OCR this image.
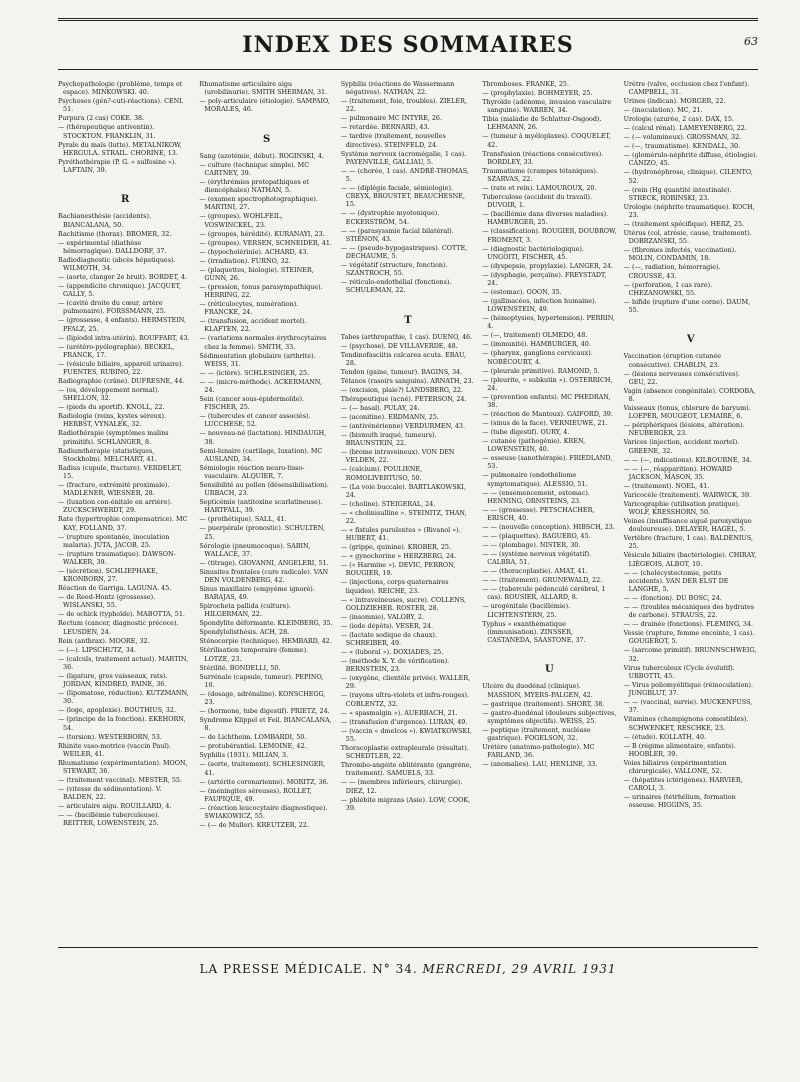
INDEX DES SOMMAIRES	63
Psychopathologie (problème, temps et espace). MINKOWSKI. 40.
Psychoses (gén?-cuti-réactions). CENI. 51.
Purpura (2 cas) COKE. 38.
— (thérapeutique antiventin). STOCKTON. FRANKLIN, 31.
Pyrale du maïs (lutte). METALNIKOW, HERGULA. STRAIL. CHORINE, 13.
Pyréthothérapie (P. G. « sulfosine »). LAFTAIN, 39.
R
Rachianesthésie (accidents). BIANCALANA, 50.
Rachitisme (thorax). BROMER, 32.
— expérimental (diathèse hémorragique). DALLDORF, 37.
Radiodiagnostic (abcès hépatiques). WILMOTH, 34.
— (aorte, clangor 2e bruit). BORDET, 4.
— (appendicite chronique). JACQUET, GALLY, 5.
— (cavité droite du cœur, artère pulmonaire). FORSSMANN, 25.
— (grossesse, 4 enfants). HERMSTEIN, PFALZ, 25.
— (lipiodol intra-utérin). ROUFFART, 43.
— (urétéro-pyélographie). BECKEL, FRANCK, 17.
— (vésicule biliaire, appareil urinaire). FUENTES, RUBINO, 22.
Radiographie (crâne). DUFRESNE, 44.
— (os, développement normal). SHELLON, 32.
— (pieds du sportif). KNOLL, 22.
Radiologie (reins, kystes séreux). HERBST, VYNALEK, 32.
Radiothérapie (symptômes malins primitifs). SCHLANGER, 8.
Radiumthérapie (statistiques, Stockholm). MELCHART, 41.
Radius (cupule, fracture). VERDELET, 15.
— (fracture, extrémité proximale). MADLENER, WIESNER, 28.
— (luxation con-énitale en arrière). ZUCKSCHWERDT, 29.
Rate (hypertrophie compensatrice). MC KAY, FOLLAND, 37.
— (rupture spontanée, inoculation malaria). JUTA, JACOB, 25.
— (rupture traumatique). DAWSON-WALKER, 39.
— (sécrétion). SCHLIEPHAKE, KRONBORN, 27.
Réaction de Garriga. LAGUNA. 45.
— de Reed-Hontz (grossesse). WISLANSKI, 55.
— de ochick (typhoïde). MABOTTA, 51.
Rectum (cancer, diagnostic précoce). LEUSDEN, 24.
Rein (anthrax). MOORE, 32.
— (—). LIPSCHUTZ, 34.
— (calculs, traitement actuel). MARTIN, 36.
— (ligature, gros vaisseaux, rats). JORDAN, KINDRED, PAINE, 36.
— (lipomatose, réduction). KUTZMANN, 30.
— (loge, apoplexie). BOUTHIUS, 32.
— (principe de la fonction). EKEHORN, 54.
— (torsion). WESTERBORN, 53.
Rhinite vaso-motrice (vaccin Paul). WEILER, 41.
Rhumatisme (expérimentation). MOON, STEWART, 36.
— (traitement vaccinal). MESTER, 55.
— (vitesse de sédimentation). V. BALDEN, 22.
— articulaire aigu. ROUILLARD, 4.
— — (bacillémie tuberculeuse). REITTER, LOWENSTEIN, 25.
Rhumatisme articulaire aigu (urobilinurie). SMITH SHERMAN, 31.
— poly-articulaire (étiologie). SAMPAIO, MORALES, 46.
S
Sang (azotémie, début). ROGINSKI, 4.
— culture (technique simple). MC CARTNEY, 39.
— (érythrémies protopathiques et diencéphales) NATHAN, 5.
— (examen spectrophotographique). MARTINI, 27.
— (groupes). WOHLFEIL, VOSWINCKEL, 23.
— (groupes, hérédité). KURANAYI, 23.
— (groupes). VERSEN, SCHNEIDER, 41.
— (hypocholérinie). ACHARD, 43.
— (irradiation). FURNO, 32.
— (plaquettes, biologie). STEINER, GUNN, 26.
— (pression, tonus parasympathique). HERRING, 22.
— (réticulocytes, numération). FRANCKE, 24.
— (transfusion, accident mortel). KLAFTEN, 22.
— (variations normales érythrocytaires chez la femme). SMITH, 33.
Sédimentation globulaire (arthrite). WEISS, 31.
— — (ictère). SCHLESINGER, 25.
— — (micro-méthode). ACKERMANN, 24.
Sein (cancer sous-épidermoïde). FISCHER, 25.
— (tubercules et cancer associés). LUCCHESE, 52.
— nouveau-né (lactation). HINDAUGH, 38.
Semi-lunaire (cartilage, luxation). MC AUSLAND, 34.
Sémiologie réaction neuro-tisso-vasculaire. ALQUIER, 7.
Sensibilité au pollen (désensibilisation). URBACH, 23.
Septicémie (antitoxine scarlatineuse). HARTFALL, 39.
— (prothétique). SALL, 41.
— puerpérale (pronostic). SCHULTEN, 25.
Sérologie (pneumocoque). SABIN, WALLACE, 37.
— (titrage). GIOVANNI, ANGELERI, 51.
Sinusites frontales (cure radicale). VAN DEN VOLDENBERG, 42.
Sinus maxillaire (empyème ignoré). BARAJAS, 49.
Spirocheta pallida (culture). HILGERMAN, 22.
Spondylite déformante. KLEINBERG, 35.
Spondylolisthésis. ACH, 28.
Sténocorpie (technique). HEMBARD, 42.
Stérilisation temporaire (femme). LOTZE, 23.
Stérilité. BONDELLI, 50.
Surrénale (capsule, tumeur). PEPINO, 10.
— (dosage, adrénaline). KONSCHEGG, 23.
— (hormone, tube digestif). PRIETZ, 24.
Syndrome Klippel et Feil. BIANCALANA, 8.
— de Lichtheim. LOMBARDI, 50.
— protubérantiel. LEMOINE, 42.
Syphilis (1931). MILIAN, 3.
— (aorte, traitement). SCHLESINGER, 41.
— (artérite coronarienne). MORITZ, 36.
— (méningites séreuses). ROLLET, FAUPIQUE, 49.
— (réaction leucocytaire diagnostique). SWIAKOWICZ, 55.
— (— de Muller). KREUTZER, 22.
Syphilis (réactions de Wassermann négatives). NATHAN, 22.
— (traitement, foie, troubles). ZIELER, 22.
— pulmonaire MC INTYRE, 26.
— retardée. BERNARD, 43.
— tardive (traitement, nouvelles directives). STEINFELD, 24.
Système nerveux (acromégalie, 1 cas). PAYENVILLE, GALLIAU, 5.
— — (chorée, 1 cas). ANDRÉ-THOMAS, 5.
— — (diplégie faciale, sémiologie). CREYX, BROUSTET, BEAUCHESNE, 15.
— — (dystrophie myotonique). ECKERSTRÖM, 54.
— — (parasyssmie facial bilatéral). STIÉNON, 43.
— — (pseudo-hypogastriques). COTTE, DECHAUME, 5.
— végétatif (structure, fonction). SZANTROCH, 55.
— réticulo-endothélial (fonctions). SCHULEMAN, 22.
T
Tabes (arthropathie, 1 cas). DUENO, 46.
— (psychose). DE VILLAVERDE, 48.
Tendinofasciitis calcarea acuta. EBAU, 28.
Tendon (gaine, tumeur). BAGINS, 34.
Tétanos (rasoirs sanguins). ARNATH, 23.
— (excision, plaie?) LANDSBERG, 22.
Thérapeutique (acné). PETERSON, 24.
— (— basal). PULAY, 24.
— (aconitine). ERDMANN, 25.
— (antivénérienne) VERDURMEN, 43.
— (bismuth iraqué, tumeurs). BRAUNSTEIN, 22.
— (brome intraveineux). VON DEN VELDEN, 22.
— (calcium). POULIENE, ROMOLIVERTUSO, 50.
— (La voie buccale). BARTLAKOWSKI, 24.
— (choline). STEIGERAL, 24.
— « cholinisulline ». STEINITZ, THAN, 22.
— « fistules purulentes » (Rivanol »). HUBERT, 41.
— (grippe, quinine). KROBER, 25.
— « gynochorine » HERZBERG, 24.
— (« Harmine »). DEVIC, PERRON, ROUGIER, 19.
— (injections, corps quaternaires liquides). REICHE, 23.
— « intraveineuses, sucre). COLLENS, GOLDZIEHER. ROSTER, 28.
— (insomnie). VALOBY, 2.
— (iode dépôts). VESER, 24.
— (lactate sodique de chaux). SCHREIBER, 49.
— « (luboral »). DOXIADES, 25.
— (méthode X. Y. de vérification). BERNSTEIN, 23.
— (oxygène, clientèle privée). WALLER, 29.
— (rayons ultra-violets et infra-rouges). COBLENTZ, 32.
— « spasmalgin »). AUERBACH, 21.
— (transfusion d'urgence). LURAN, 49.
— (vaccin « dmelcos »). KWIATKOWSKI, 55.
Thoracoplastie extrapleurale (résultat). SCHEDTLER, 22.
Thrombo-angéite oblitérante (gangrène, traitement). SAMUELS, 33.
— — (membres inférieurs, chirurgie). DIEZ, 12.
— phlébite migrans (Asie). LOW, COOK, 39.
Thromboses. FRANKE, 25.
— (prophylaxie). BOHMEYER, 25.
Thyroïde (adénome, invasion vasculaire sanguine). WARREN, 34.
Tibia (maladie de Schlatter-Osgood). LEHMANN, 26.
— (tumeur à myéloplaxes). COQUELET, 42.
Transfusion (réactions consécutives). BORDLEY, 33.
Traumatisme (crampes tétaniques). SZARVAS, 22.
— (rate et rein). LAMOUROUX, 20.
Tuberculose (accident du travail). DUVOIR, 1.
— (bacillémie dans diverses maladies). HAMBURGER, 25.
— (classification). ROUGIER, DOUBROW, FROMENT, 3.
— (diagnostic bactériologique). UNGOITI, FISCHER, 45.
— (dyspepsie, propylaxie). LANGER, 24.
— (dysphagie, perçaïne). FREYSTADT, 24.
— (estomac). GOON, 35.
— (gallinacées, infection humaine). LOWENSTEIN, 49.
— (hémoptysies, hypertension). PERRIN, 4.
— (—, traitement) OLMEDO, 48.
— (immunité). HAMBURGER, 40.
— (pharynx, ganglions cervicaux). NOBÉCOURT, 4.
— (pleurale primitive). RAMOND, 5.
— (pleurite, « subkutin »). OSTERRICH, 24.
— (prevention enfants). MC PHEDRAN, 38.
— (réaction de Mantoux). GAIFORD, 39.
— (sinus de la face). VERNIEUWE, 21.
— (tube digestif). OURY, 4.
— cutanée (pathogénie). KREN, LOWENSTEIN, 40.
— osseuse (sanothérapie). FRIEDLAND, 53.
— pulmonaire (endothéliome symptomatique). ALESSIO, 51.
— — (ensemencement, estomac). HENNING, ORNSTEINS, 23.
— — (grossesse). PETSCHACHER, ERISCH, 40.
— — (nouvelle conception). HIBSCH, 23.
— — (plaquettes). BAGUERO, 45.
— — (plombage). NISTER, 30.
— — (système nerveux végétatif). CALBRA, 51.
— — (thoracoplastie). AMAT, 41.
— — (traitement). GRUNEWALD, 22.
— — (tubercule pédonculé cérébral, 1 cas). ROUSIER, ALLARD, 8.
— urogénitale (bacillémie). LICHTENSTERN, 25.
Typhus « exanthématique (immunisation). ZINSSER, CASTANEDA, SAASTONE, 37.
U
Ulcère du duodénal (clinique). MASSION, MYERS-PALGEN, 42.
— gastrique (traitement). SHORT, 38.
— gastro-duodénal (douleurs subjectives, symptômes objectifs). WEISS, 25.
— peptique (traitement, nucléase gastrique). FOGELSON, 32.
Urétère (anatomo-pathologie). MC FARLAND, 36.
— (anomalies). LAU, HENLINE, 33.
Urètre (valve, occlusion chez l'enfant). CAMPBELL, 31.
Urines (indican). MORGER, 22.
— (inoculation). MC, 21.
Urologie (azurée, 2 cas). DAX, 15.
— (calcul rénal). LAMEYENBERG, 22.
— (— volumineux). GROSSMAN, 32.
— (—, traumatisme). KENDALL, 30.
— (glomérulo-néphrite diffuse, étiologie). CANIZO, 45.
— (hydronéphrose, clinique). CILENTO, 52.
— (rein (Hg quantité intestinale). STRECK, ROBINSKI, 23.
Urologie (néphrite traumatique). KOCH, 23.
— (traitement spécifique). HERZ, 25.
Utérus (col, atrésie, cause, traitement). DOBRZANSKI, 55.
— (fibromes infectés, vaccination). MOLIN, CONDAMIN, 18.
— (—, radiation, hémorragie). CROUSSE, 43.
— (perforation, 1 cas rare). CHEZANOWSKI, 55.
— bifide (rupture d'une corne). DAUM, 55.
V
Vaccination (éruption cutanée consécutive). CHABLIN, 23.
— (lésions nerveuses consécutives). GEU, 22.
Vagin (absence congénitale). CORDOBA, 8.
Vaisseaux (tonus, chlorure de baryum). LOEPER, MOUGEOT, LEMAIRE, 6.
— périphériques (lésions, altération). NEUBERGER, 23.
Varices (injection, accident mortel). GREENE, 32.
— — (—, indications). KILBOURNE, 34.
— — (—, réapparition). HOWARD JACKSON, MASON, 35.
— (traitement). NOEL, 41.
Varicocèle (traitement). WARWICK, 39.
Varicographie (utilisation pratique). WOLF, KRESSHORN, 50.
Veines (insuffisance aiguë paroxystique douloureuse). DELAYER, HAGEL, 5.
Vertèbre (fracture, 1 cas). BALDENIUS, 25.
Vésicule biliaire (bactériologie). CHIRAY, LIÈGEOIS, ALBOT, 10.
— — (cholécystectomie, petits accidents). VAN DER ELST DE LANGHE, 5.
— — (fonction). DU BOSC, 24.
— — (troubles mécaniques des hydrates de carbone). STRAUSS, 22.
— — drainée (fonctions). FLEMING, 34.
Vessie (rupture, femme enceinte, 1 cas). GOUGEROT, 5.
— (sarcome primitif). BRUNNSCHWEIG, 32.
Virus tuberculeux (Cycle évolutif). URBOTTI, 45.
— Virus poliomyélitique (réinoculation). JUNGBLUT, 37.
— — (vaccinal, survie). MUCKENFUSS, 37.
Vitamines (champignons comestibles). SCHWENKET, RESCHKE, 23.
— (étude). KOLLATH, 40.
— B (régime alimentaire, enfants). HOOBLER, 39.
Voies biliaires (expérimentation chirurgicale). VALLONE, 52.
— (hépatites ictérigènes). HARVIER, CAROLI, 3.
— urinaires (tétrhélium, formation osseuse. HIGGINS, 35.
LA PRESSE MÉDICALE. N° 34. MERCREDI, 29 AVRIL 1931
